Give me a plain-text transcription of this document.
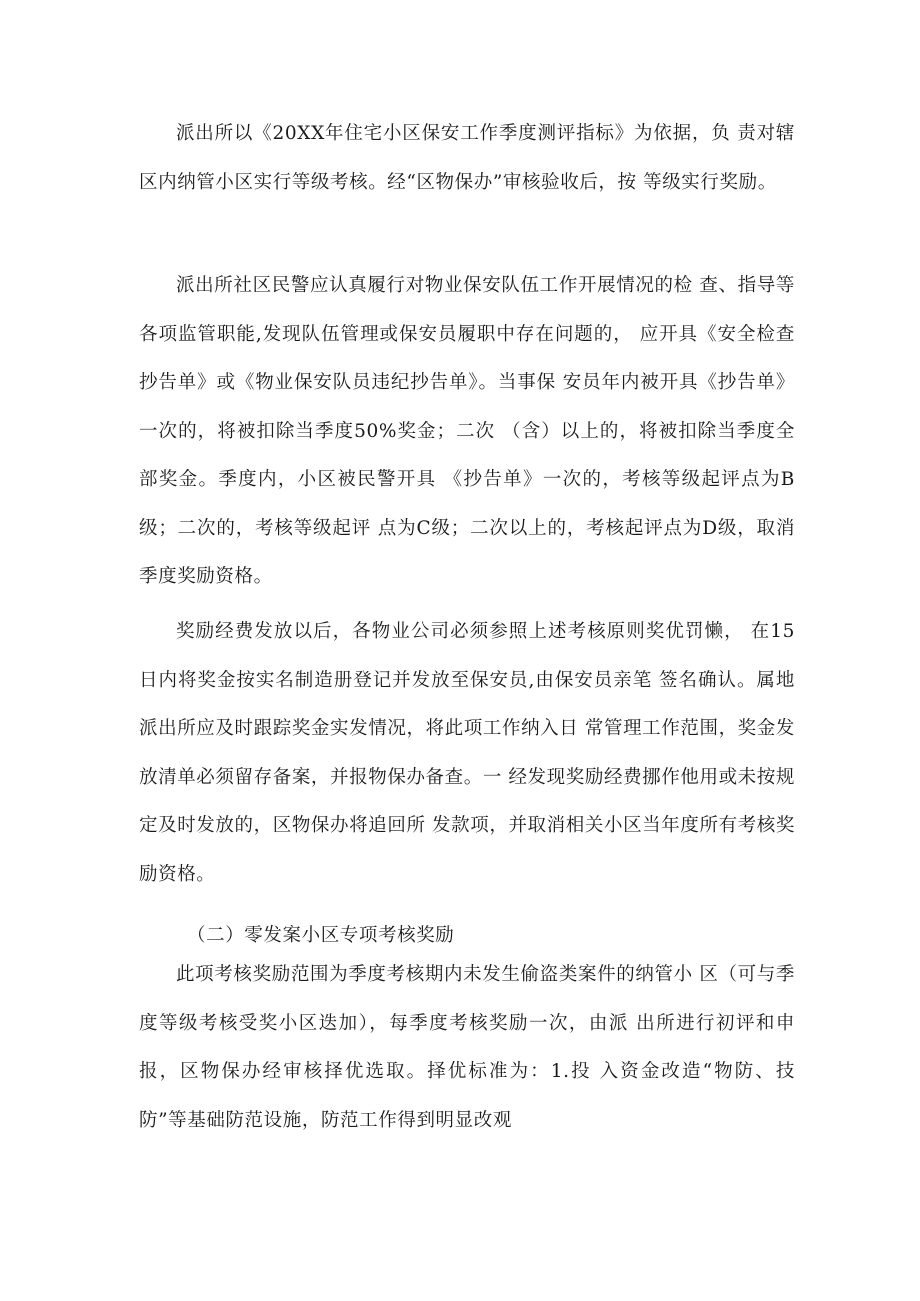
派出所以《20XX年住宅小区保安工作季度测评指标》为依据，负 责对辖区内纳管小区实行等级考核。经“区物保办”审核验收后，按 等级实行奖励。

派出所社区民警应认真履行对物业保安队伍工作开展情况的检 查、指导等各项监管职能,发现队伍管理或保安员履职中存在问题的， 应开具《安全检查抄告单》或《物业保安队员违纪抄告单》。当事保 安员年内被开具《抄告单》一次的，将被扣除当季度50%奖金；二次 （含）以上的，将被扣除当季度全部奖金。季度内，小区被民警开具 《抄告单》一次的，考核等级起评点为B级；二次的，考核等级起评 点为C级；二次以上的，考核起评点为D级，取消季度奖励资格。

奖励经费发放以后，各物业公司必须参照上述考核原则奖优罚懒， 在15日内将奖金按实名制造册登记并发放至保安员,由保安员亲笔 签名确认。属地派出所应及时跟踪奖金实发情况，将此项工作纳入日 常管理工作范围，奖金发放清单必须留存备案，并报物保办备查。一 经发现奖励经费挪作他用或未按规定及时发放的，区物保办将追回所 发款项，并取消相关小区当年度所有考核奖励资格。

（二）零发案小区专项考核奖励

此项考核奖励范围为季度考核期内未发生偷盗类案件的纳管小 区（可与季度等级考核受奖小区迭加），每季度考核奖励一次，由派 出所进行初评和申报，区物保办经审核择优选取。择优标准为：1.投 入资金改造“物防、技防”等基础防范设施，防范工作得到明显改观
